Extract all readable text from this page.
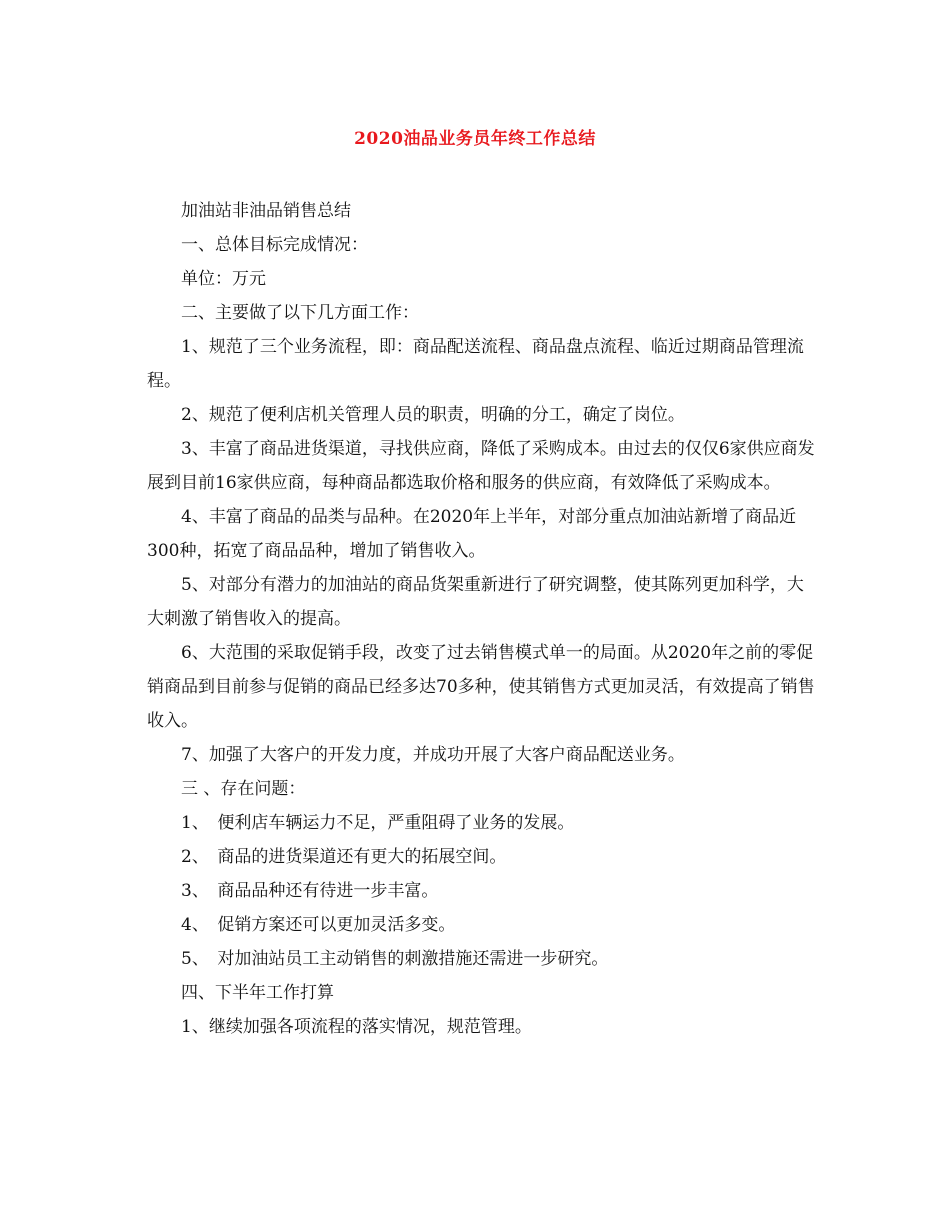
2020油品业务员年终工作总结

加油站非油品销售总结

一、总体目标完成情况：

单位：万元

二、主要做了以下几方面工作：

1、规范了三个业务流程，即：商品配送流程、商品盘点流程、临近过期商品管理流程。

2、规范了便利店机关管理人员的职责，明确的分工，确定了岗位。

3、丰富了商品进货渠道，寻找供应商，降低了采购成本。由过去的仅仅6家供应商发展到目前16家供应商，每种商品都选取价格和服务的供应商，有效降低了采购成本。

4、丰富了商品的品类与品种。在2020年上半年，对部分重点加油站新增了商品近300种，拓宽了商品品种，增加了销售收入。

5、对部分有潜力的加油站的商品货架重新进行了研究调整，使其陈列更加科学，大大刺激了销售收入的提高。

6、大范围的采取促销手段，改变了过去销售模式单一的局面。从2020年之前的零促销商品到目前参与促销的商品已经多达70多种，使其销售方式更加灵活，有效提高了销售收入。

7、加强了大客户的开发力度，并成功开展了大客户商品配送业务。

三 、存在问题：

1、　便利店车辆运力不足，严重阻碍了业务的发展。

2、　商品的进货渠道还有更大的拓展空间。

3、　商品品种还有待进一步丰富。

4、　促销方案还可以更加灵活多变。

5、　对加油站员工主动销售的刺激措施还需进一步研究。

四、下半年工作打算

1、继续加强各项流程的落实情况，规范管理。
